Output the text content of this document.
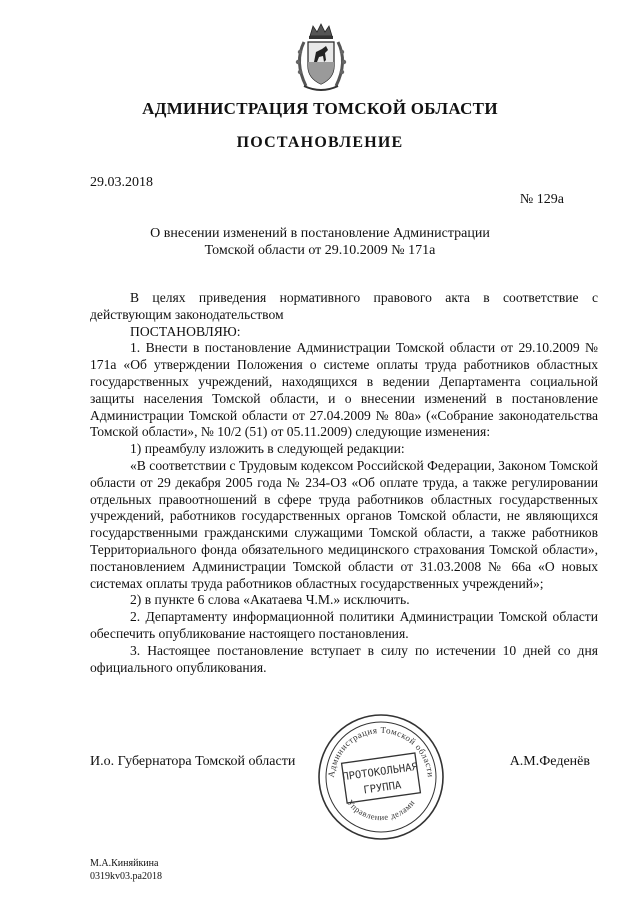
АДМИНИСТРАЦИЯ ТОМСКОЙ ОБЛАСТИ
ПОСТАНОВЛЕНИЕ
29.03.2018
№ 129а
О внесении изменений в постановление Администрации
Томской области от 29.10.2009 № 171а

В целях приведения нормативного правового акта в соответствие с действующим законодательством

ПОСТАНОВЛЯЮ:

1. Внести в постановление Администрации Томской области от 29.10.2009 № 171а «Об утверждении Положения о системе оплаты труда работников областных государственных учреждений, находящихся в ведении Департамента социальной защиты населения Томской области, и о внесении изменений в постановление Администрации Томской области от 27.04.2009 № 80а» («Собрание законодательства Томской области», № 10/2 (51) от 05.11.2009) следующие изменения:

1) преамбулу изложить в следующей редакции:

«В соответствии с Трудовым кодексом Российской Федерации, Законом Томской области от 29 декабря 2005 года № 234-ОЗ «Об оплате труда, а также регулировании отдельных правоотношений в сфере труда работников областных государственных учреждений, работников государственных органов Томской области, не являющихся государственными гражданскими служащими Томской области, а также работников Территориального фонда обязательного медицинского страхования Томской области», постановлением Администрации Томской области от 31.03.2008 № 66а «О новых системах оплаты труда работников областных государственных учреждений»;

2) в пункте 6 слова «Акатаева Ч.М.» исключить.

2. Департаменту информационной политики Администрации Томской области обеспечить опубликование настоящего постановления.

3. Настоящее постановление вступает в силу по истечении 10 дней со дня официального опубликования.

И.о. Губернатора Томской области	А.М.Феденёв
Администрация Томской области
Управление делами
ПРОТОКОЛЬНАЯ
ГРУППА
М.А.Киняйкина
0319kv03.ра2018
